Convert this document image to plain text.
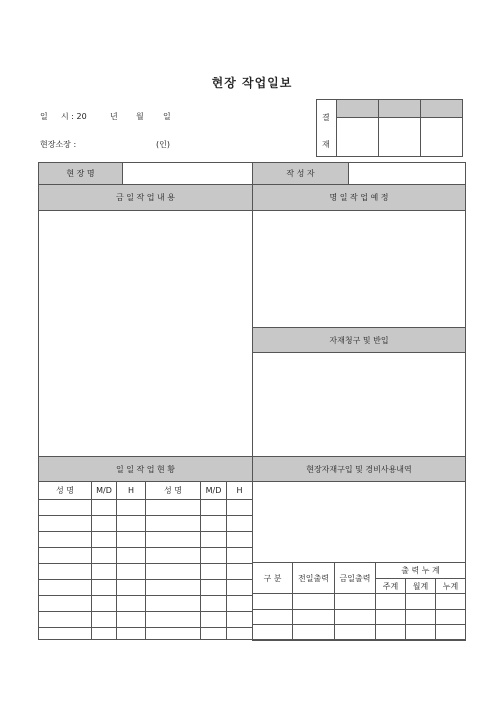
현장 작업일보
일 시 : 20	년 월 일
현장소장 :	(인)
결
재
현 장 명	작 성 자
금 일 작 업 내 용	명 일 작 업 예 정
자재청구 및 반입
일 일 작 업 현 황	현장자재구입 및 경비사용내역
성 명	M/D	H	성 명	M/D	H
구 분	전일출력	금일출력
출 력 누 계
주계	월계	누계
